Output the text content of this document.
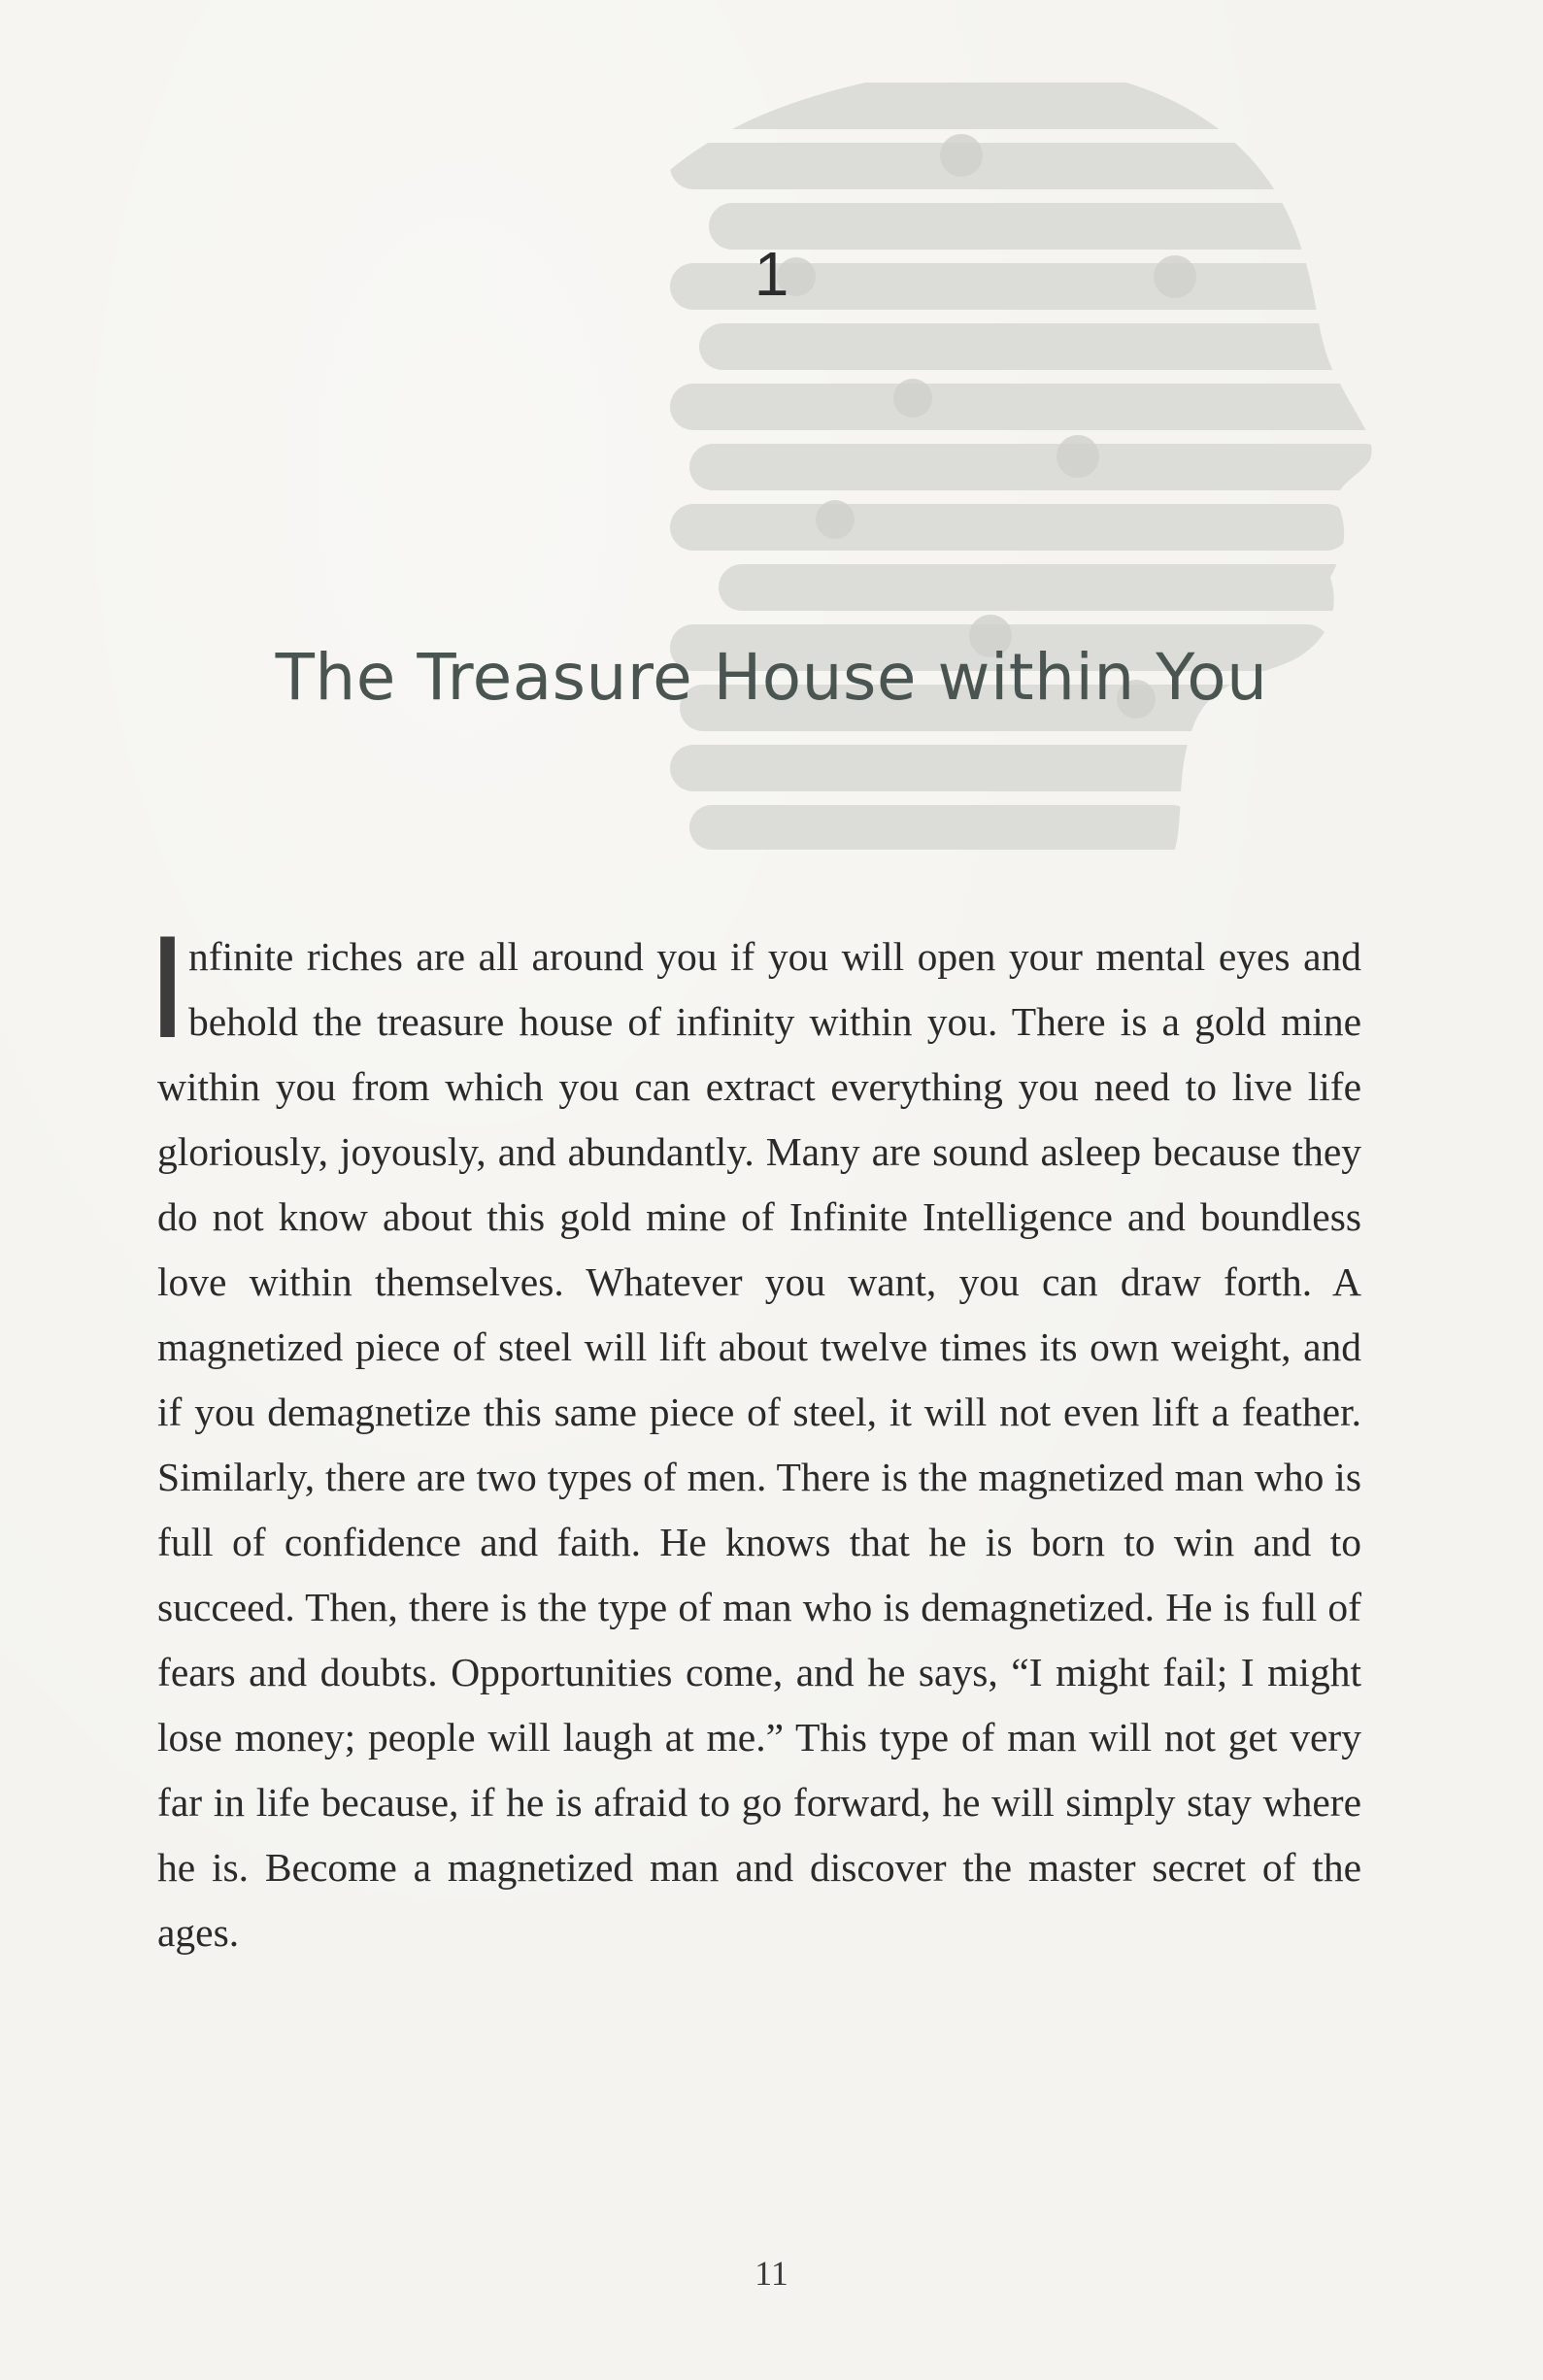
1
The Treasure House within You
Infinite riches are all around you if you will open your mental eyes and behold the treasure house of infinity within you. There is a gold mine within you from which you can extract everything you need to live life gloriously, joyously, and abundantly. Many are sound asleep because they do not know about this gold mine of Infinite Intelligence and boundless love within themselves. Whatever you want, you can draw forth. A magnetized piece of steel will lift about twelve times its own weight, and if you demagnetize this same piece of steel, it will not even lift a feather. Similarly, there are two types of men. There is the magnetized man who is full of confidence and faith. He knows that he is born to win and to succeed. Then, there is the type of man who is demagnetized. He is full of fears and doubts. Opportunities come, and he says, “I might fail; I might lose money; people will laugh at me.” This type of man will not get very far in life because, if he is afraid to go forward, he will simply stay where he is. Become a magnetized man and discover the master secret of the ages.
11
